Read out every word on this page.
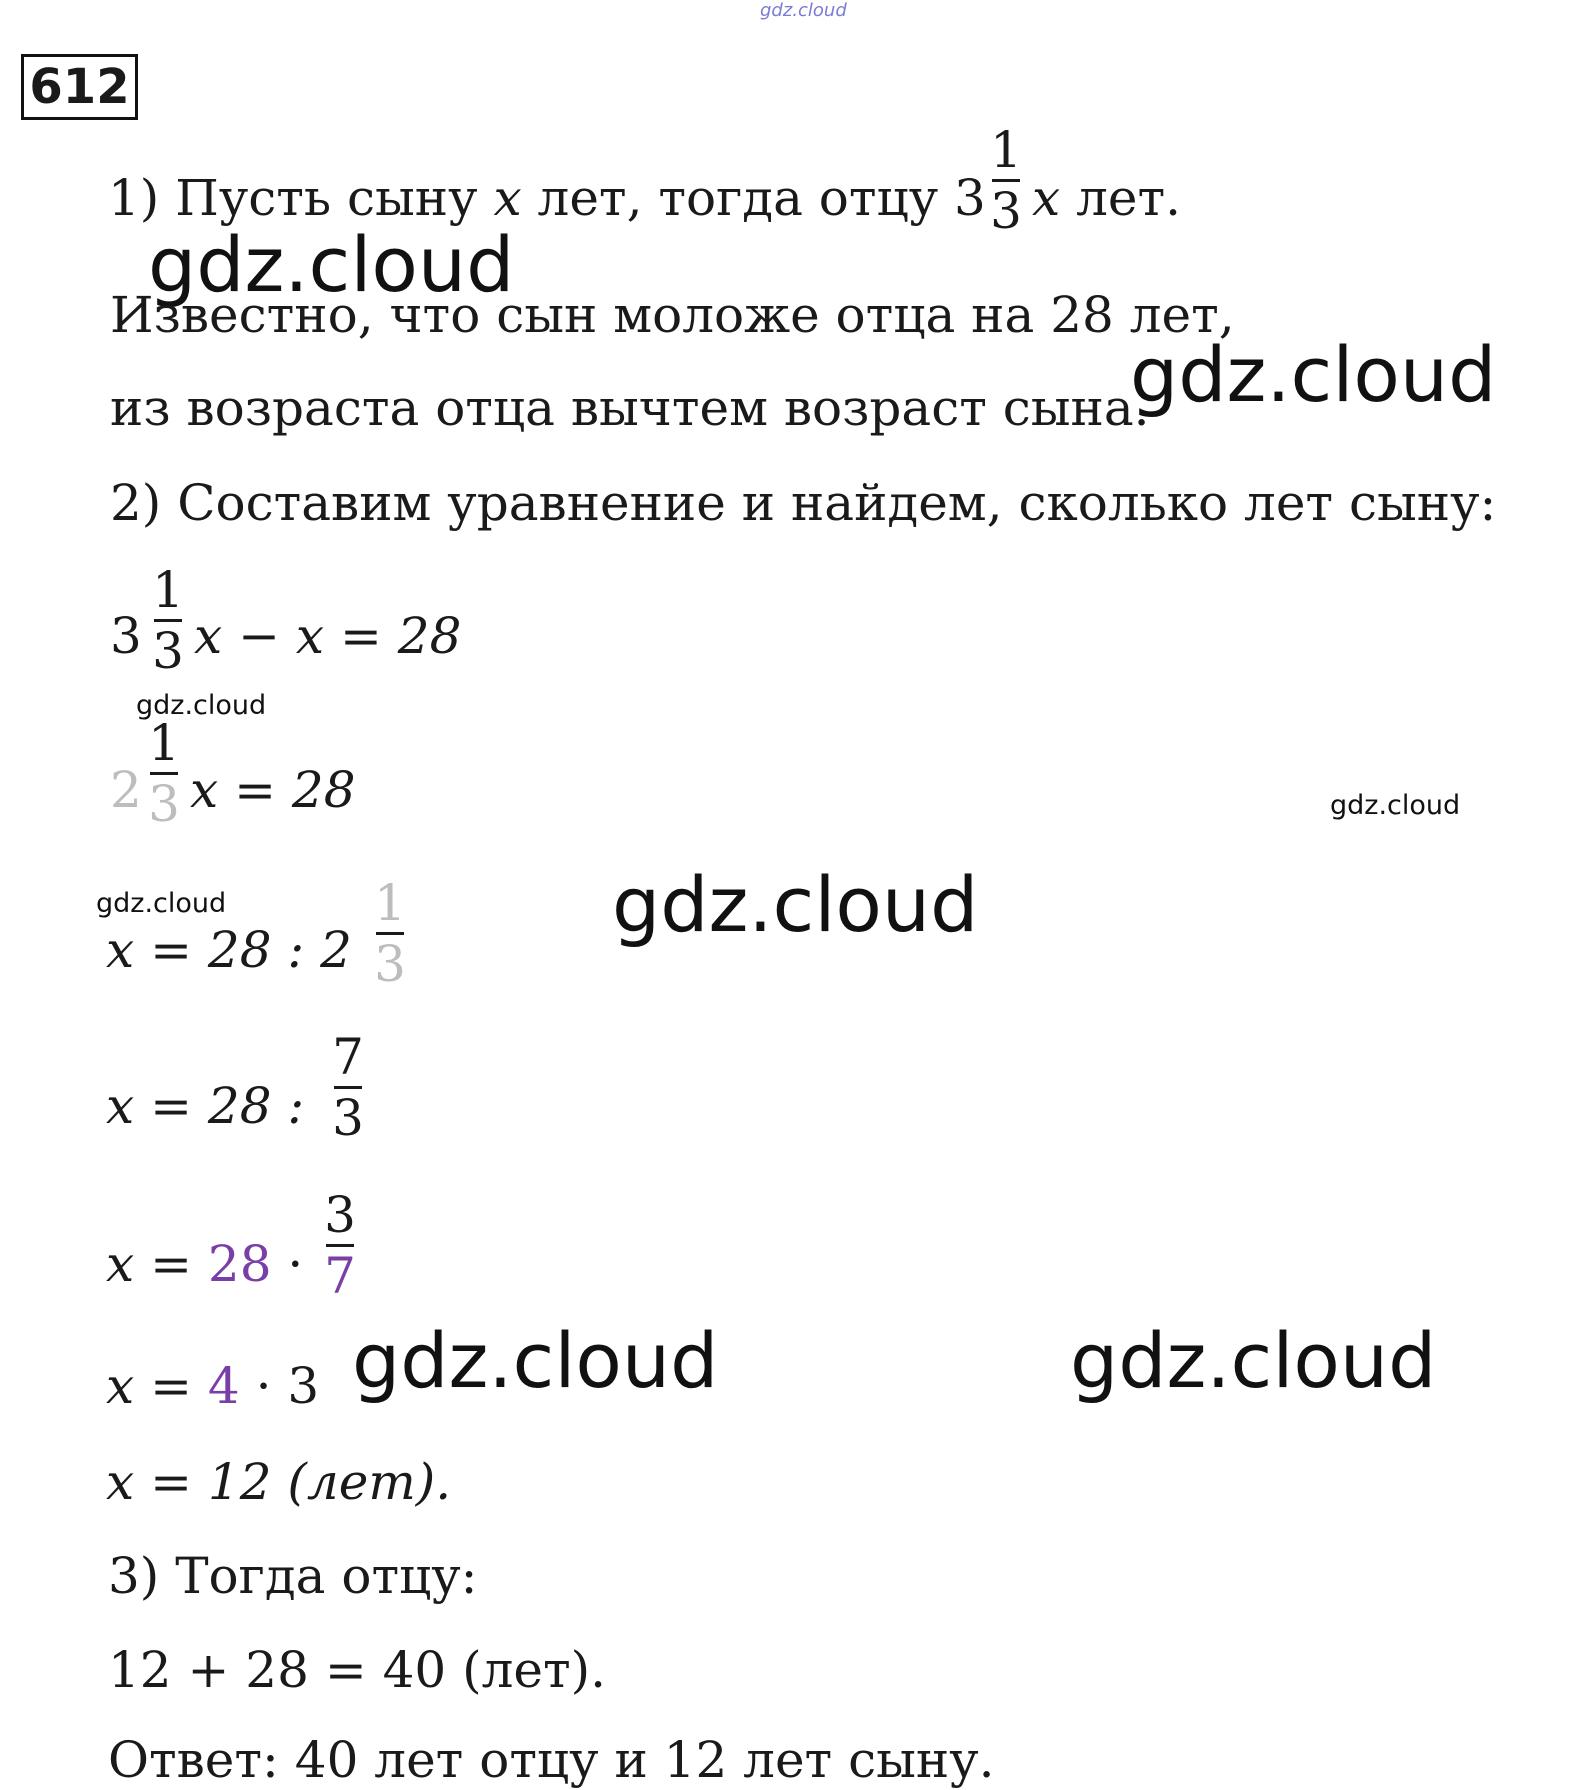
gdz.cloud
612
1) Пусть сыну x лет, тогда отцу 3
1
3 x лет.
gdz.cloud
Известно, что сын моложе отца на 28 лет,
gdz.cloud
из возраста отца вычтем возраст сына.
2) Составим уравнение и найдем, сколько лет сыну:
3
1
3 x − x = 28
gdz.cloud
2
1
3 x = 28	gdz.cloud
gdz.cloud	gdz.cloud
x = 28 : 2
1
3
x = 28 :
7
3
x = 28 ·
3
7
x = 4 · 3 gdz.cloud	gdz.cloud
x = 12 (лет).
3) Тогда отцу:
12 + 28 = 40 (лет).
Ответ: 40 лет отцу и 12 лет сыну.
